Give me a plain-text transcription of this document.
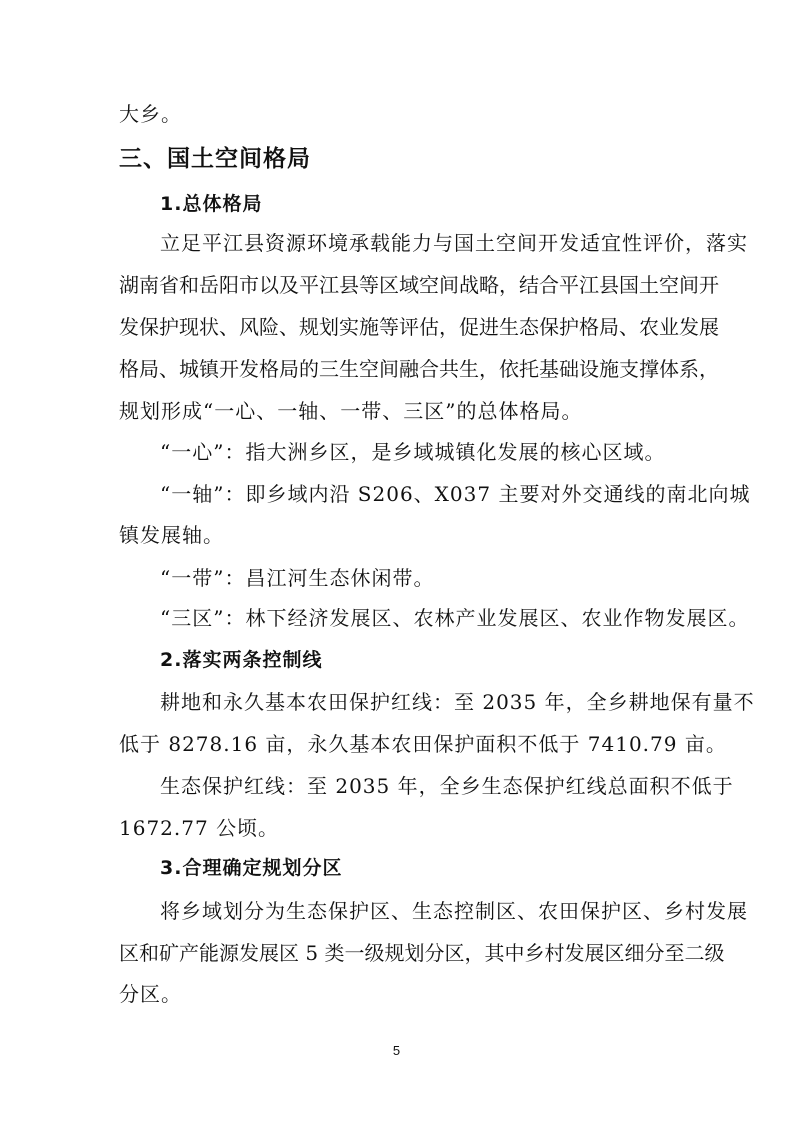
大乡。
三、国土空间格局
1.总体格局
立足平江县资源环境承载能力与国土空间开发适宜性评价，落实
湖南省和岳阳市以及平江县等区域空间战略，结合平江县国土空间开
发保护现状、风险、规划实施等评估，促进生态保护格局、农业发展
格局、城镇开发格局的三生空间融合共生，依托基础设施支撑体系，
规划形成“一心、一轴、一带、三区”的总体格局。
“一心”：指大洲乡区，是乡域城镇化发展的核心区域。
“一轴”：即乡域内沿 S206、X037 主要对外交通线的南北向城
镇发展轴。
“一带”：昌江河生态休闲带。
“三区”：林下经济发展区、农林产业发展区、农业作物发展区。
2.落实两条控制线
耕地和永久基本农田保护红线：至 2035 年，全乡耕地保有量不
低于 8278.16 亩，永久基本农田保护面积不低于 7410.79 亩。
生态保护红线：至 2035 年，全乡生态保护红线总面积不低于
1672.77 公顷。
3.合理确定规划分区
将乡域划分为生态保护区、生态控制区、农田保护区、乡村发展
区和矿产能源发展区 5 类一级规划分区，其中乡村发展区细分至二级
分区。
5
